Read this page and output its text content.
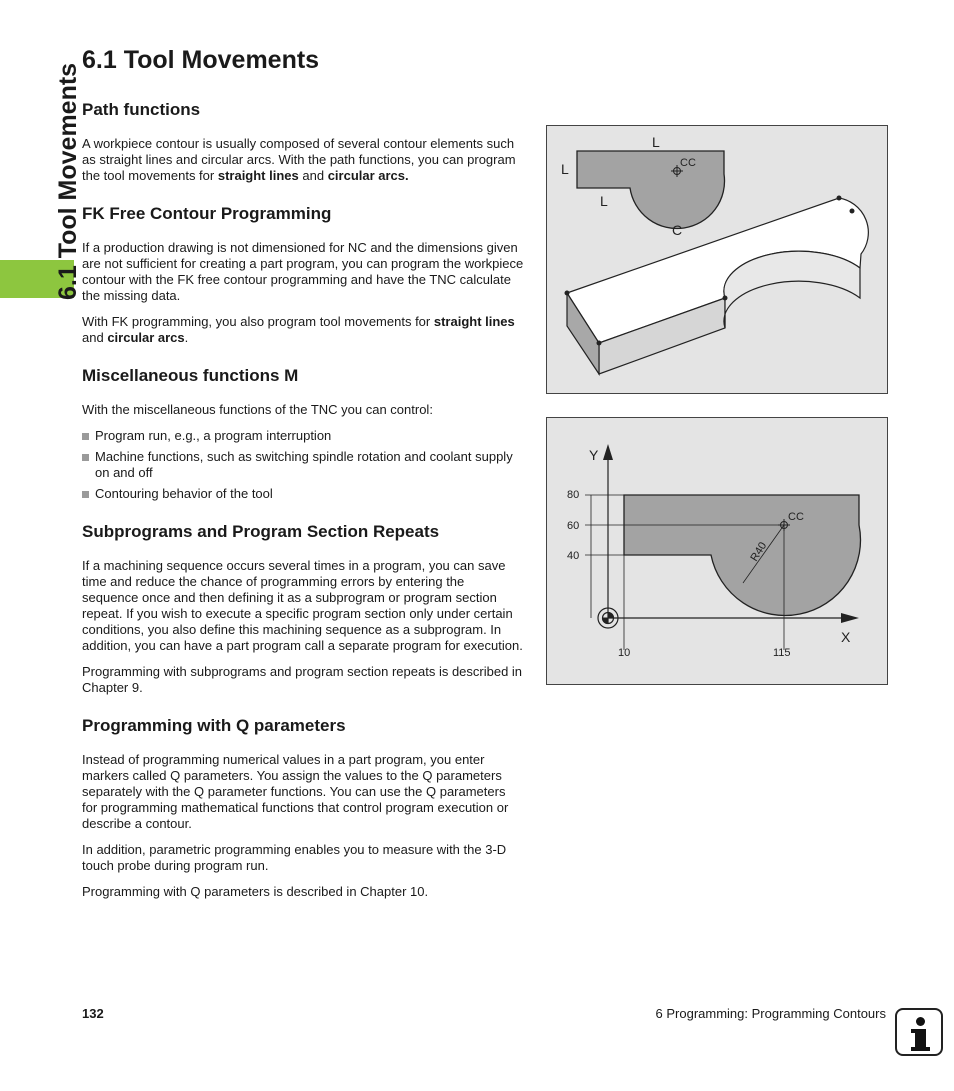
6.1 Tool Movements
6.1 Tool Movements
Path functions

A workpiece contour is usually composed of several contour elements such as straight lines and circular arcs. With the path functions, you can program the tool movements for straight lines and circular arcs.

FK Free Contour Programming

If a production drawing is not dimensioned for NC and the dimensions given are not sufficient for creating a part program, you can program the workpiece contour with the FK free contour programming and have the TNC calculate the missing data.

With FK programming, you also program tool movements for straight lines and circular arcs.

Miscellaneous functions M

With the miscellaneous functions of the TNC you can control:

Program run, e.g., a program interruption
Machine functions, such as switching spindle rotation and coolant supply on and off
Contouring behavior of the tool
Subprograms and Program Section Repeats

If a machining sequence occurs several times in a program, you can save time and reduce the chance of programming errors by entering the sequence once and then defining it as a subprogram or program section repeat. If you wish to execute a specific program section only under certain conditions, you also define this machining sequence as a subprogram. In addition, you can have a part program call a separate program for execution.

Programming with subprograms and program section repeats is described in Chapter 9.

Programming with Q parameters

Instead of programming numerical values in a part program, you enter markers called Q parameters. You assign the values to the Q parameters separately with the Q parameter functions. You can use the Q parameters for programming mathematical functions that control program execution or describe a contour.

In addition, parametric programming enables you to measure with the 3-D touch probe during program run.

Programming with Q parameters is described in Chapter 10.

CC
L
L
L
C
Y
X
CC
R40
80
60
40
10	115
132	6 Programming: Programming Contours
